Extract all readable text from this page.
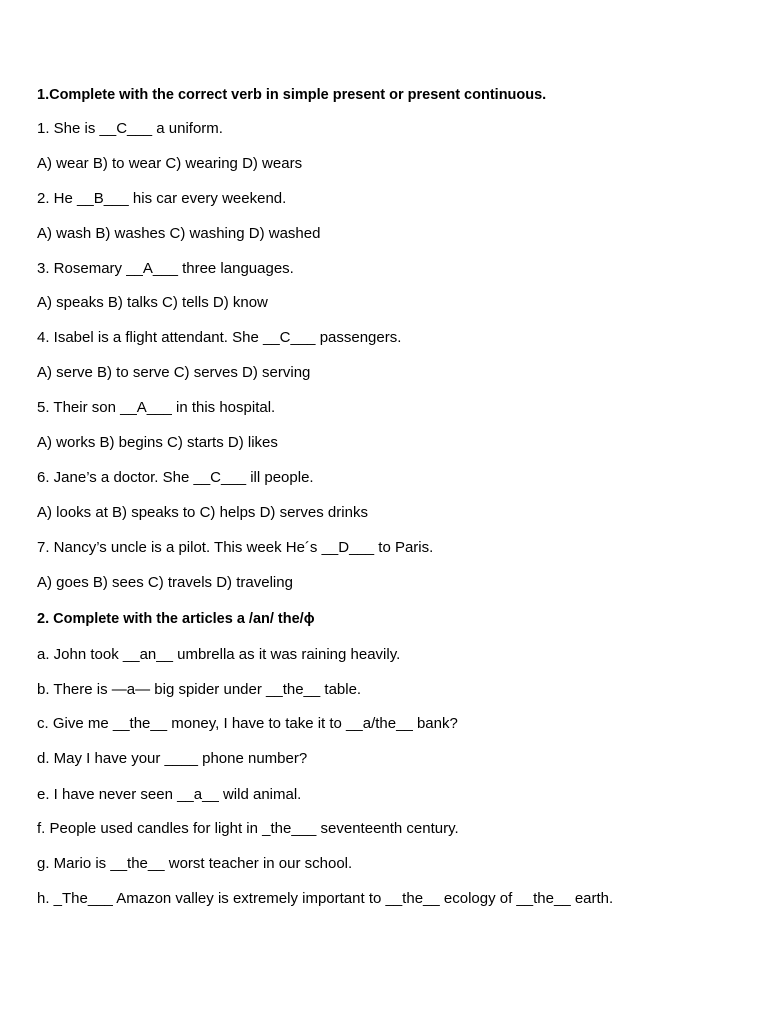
1.Complete with the correct verb in simple present or present continuous.
1. She is __C___ a uniform.
A) wear B) to wear C) wearing D) wears
2. He __B___ his car every weekend.
A) wash B) washes C) washing D) washed
3. Rosemary __A___ three languages.
A) speaks B) talks C) tells D) know
4. Isabel is a flight attendant. She __C___ passengers.
A) serve B) to serve C) serves D) serving
5. Their son __A___ in this hospital.
A) works B) begins C) starts D) likes
6. Jane’s a doctor. She __C___ ill people.
A) looks at B) speaks to C) helps D) serves drinks
7. Nancy’s uncle is a pilot. This week He´s __D___ to Paris.
A) goes B) sees C) travels D) traveling
2. Complete with the articles a /an/ the/ϕ
a. John took __an__ umbrella as it was raining heavily.
b. There is —a— big spider under __the__ table.
c. Give me __the__ money, I have to take it to __a/the__ bank?
d. May I have your ____ phone number?
e. I have never seen __a__ wild animal.
f. People used candles for light in _the___ seventeenth century.
g. Mario is __the__ worst teacher in our school.
h. _The___ Amazon valley is extremely important to __the__ ecology of __the__ earth.
